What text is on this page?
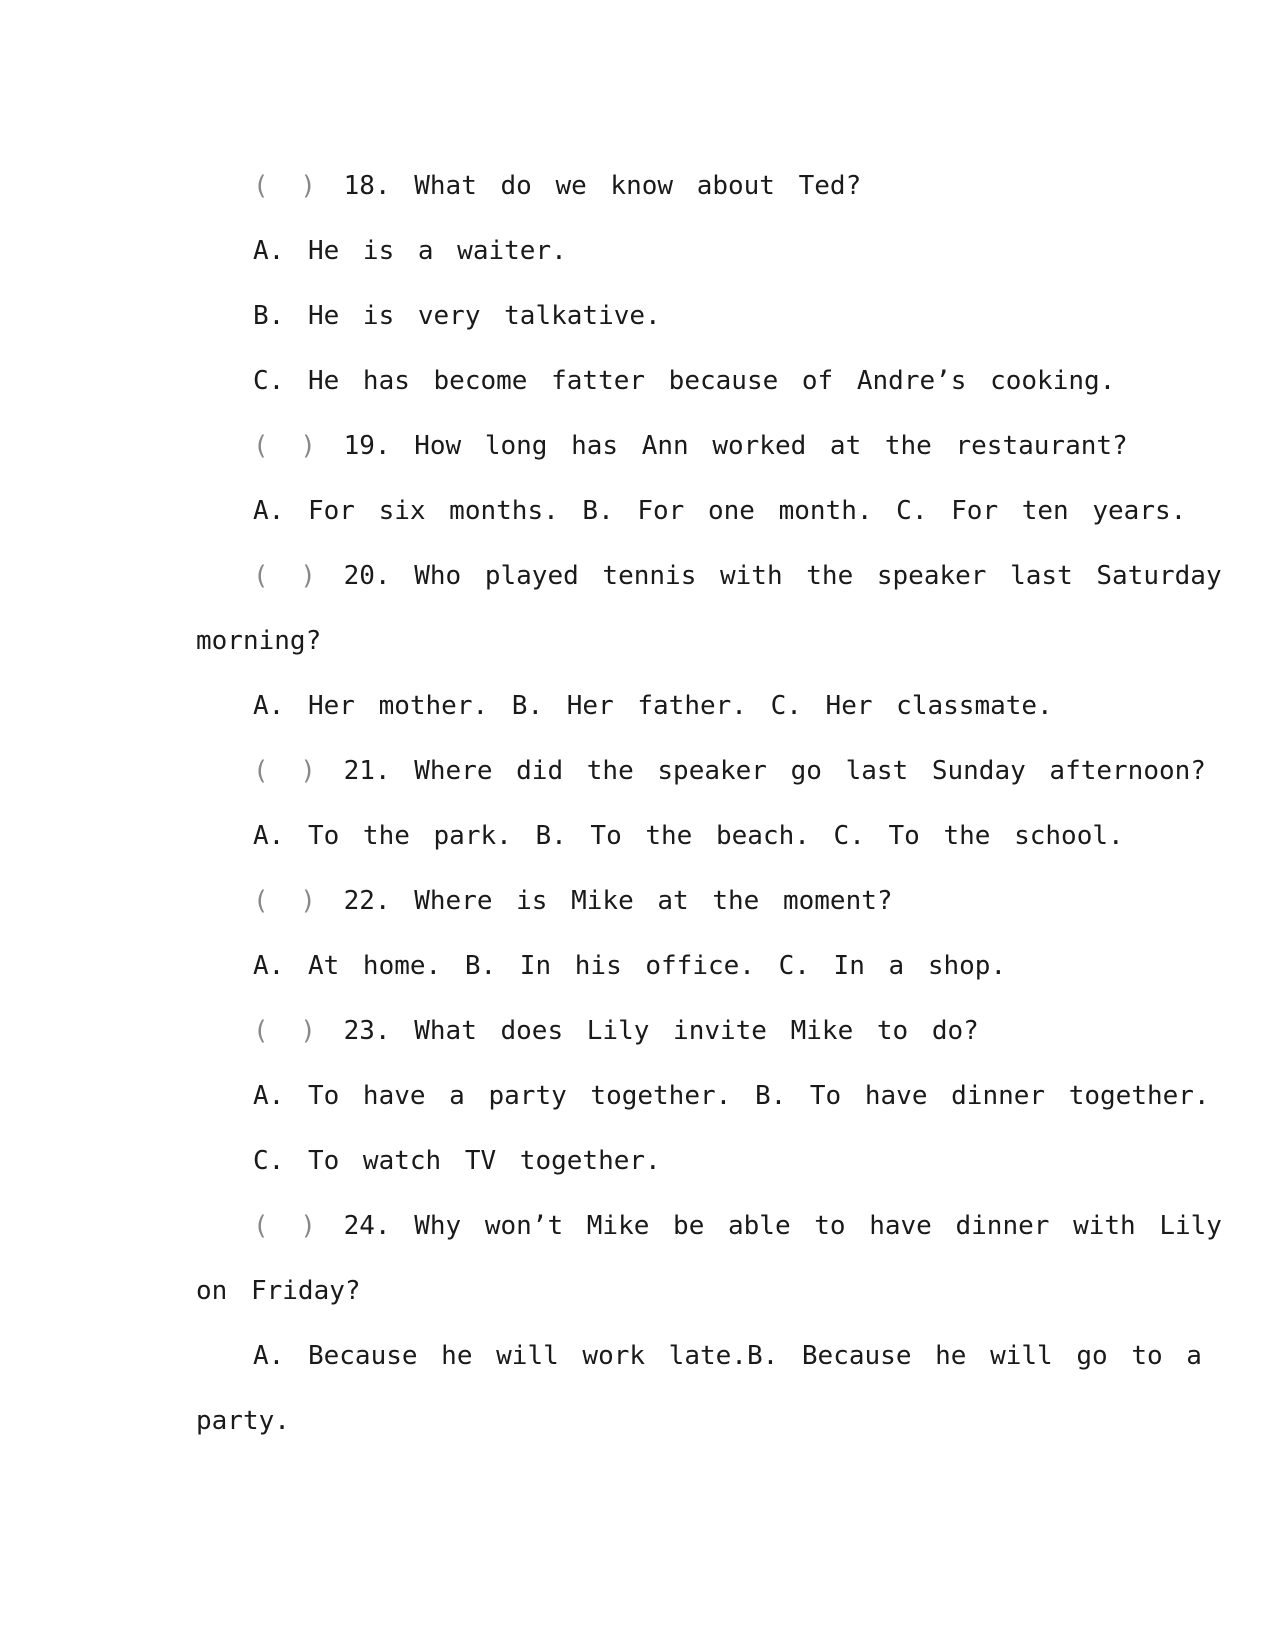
( ) 18. What do we know about Ted?
A. He is a waiter.
B. He is very talkative.
C. He has become fatter because of Andre’s cooking.
( ) 19. How long has Ann worked at the restaurant?
A. For six months. B. For one month. C. For ten years.
( ) 20. Who played tennis with the speaker last Saturday
morning?
A. Her mother. B. Her father. C. Her classmate.
( ) 21. Where did the speaker go last Sunday afternoon?
A. To the park. B. To the beach. C. To the school.
( ) 22. Where is Mike at the moment?
A. At home. B. In his office. C. In a shop.
( ) 23. What does Lily invite Mike to do?
A. To have a party together. B. To have dinner together.
C. To watch TV together.
( ) 24. Why won’t Mike be able to have dinner with Lily
on Friday?
A. Because he will work late.B. Because he will go to a
party.
